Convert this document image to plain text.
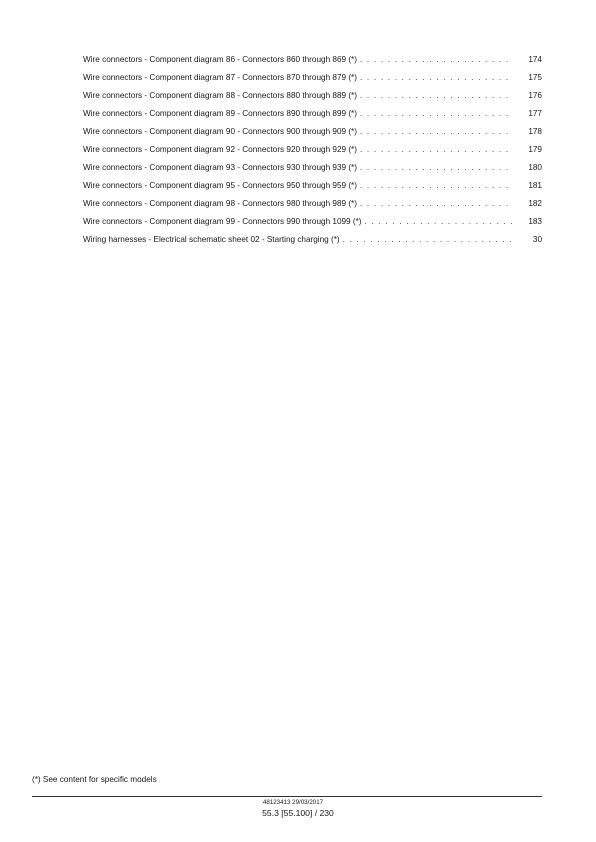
Wire connectors - Component diagram 86 - Connectors 860 through 869 (*) . . .	174
Wire connectors - Component diagram 87 - Connectors 870 through 879 (*) . . .	175
Wire connectors - Component diagram 88 - Connectors 880 through 889 (*) . . .	176
Wire connectors - Component diagram 89 - Connectors 890 through 899 (*) . . .	177
Wire connectors - Component diagram 90 - Connectors 900 through 909 (*) . . .	178
Wire connectors - Component diagram 92 - Connectors 920 through 929 (*) . . .	179
Wire connectors - Component diagram 93 - Connectors 930 through 939 (*) . . .	180
Wire connectors - Component diagram 95 - Connectors 950 through 959 (*) . . .	181
Wire connectors - Component diagram 98 - Connectors 980 through 989 (*) . . .	182
Wire connectors - Component diagram 99 - Connectors 990 through 1099 (*) . . .	183
Wiring harnesses - Electrical schematic sheet 02 - Starting charging (*) . . .	30
(*) See content for specific models
48123413 29/03/2017
55.3 [55.100] / 230
